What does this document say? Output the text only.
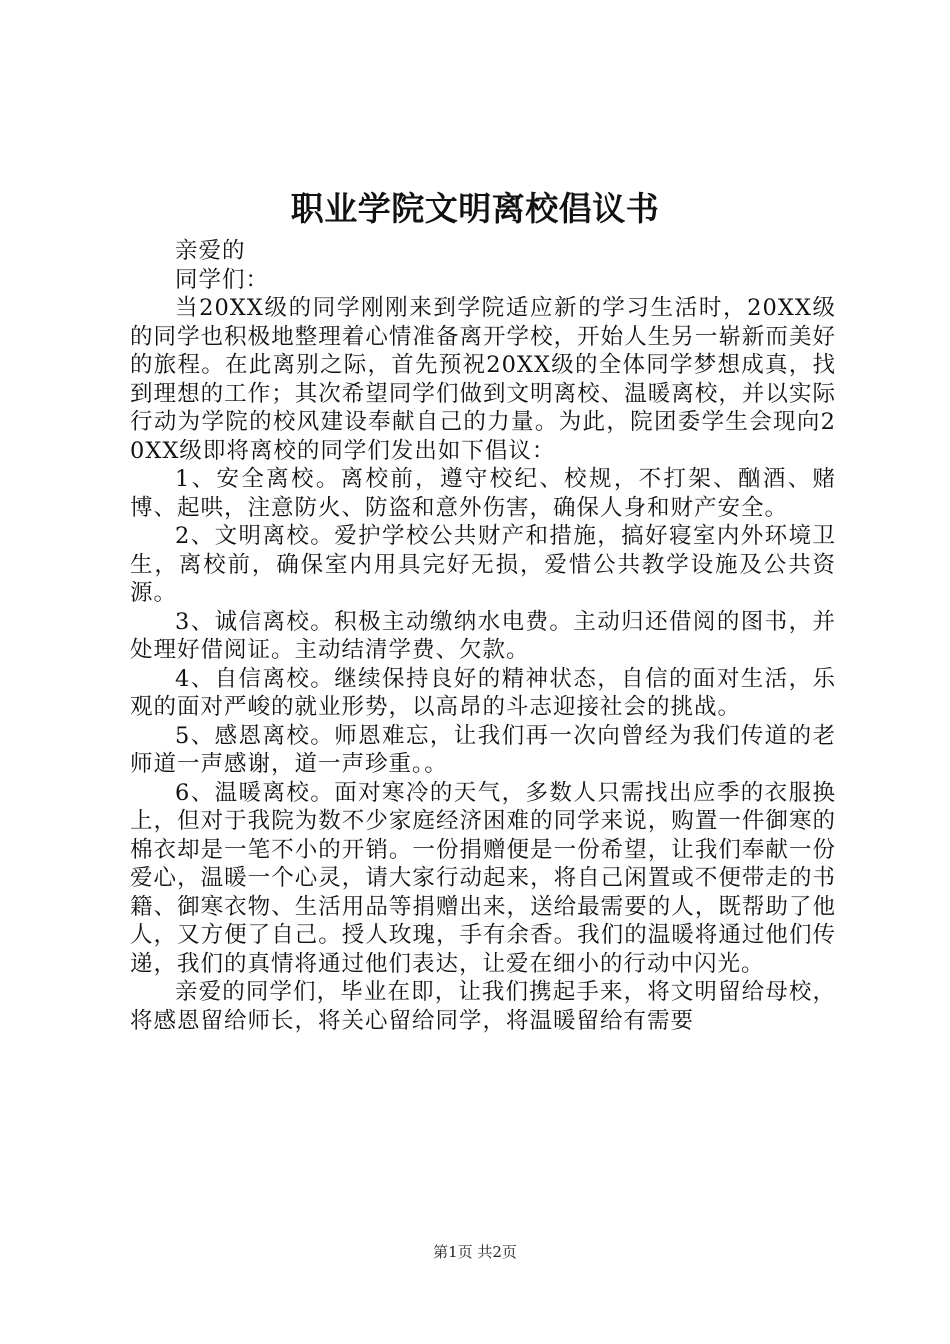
职业学院文明离校倡议书

亲爱的

同学们：

当20XX级的同学刚刚来到学院适应新的学习生活时，20XX级的同学也积极地整理着心情准备离开学校，开始人生另一崭新而美好的旅程。在此离别之际，首先预祝20XX级的全体同学梦想成真，找到理想的工作；其次希望同学们做到文明离校、温暖离校，并以实际行动为学院的校风建设奉献自己的力量。为此，院团委学生会现向20XX级即将离校的同学们发出如下倡议：

1、安全离校。离校前，遵守校纪、校规，不打架、酗酒、赌博、起哄，注意防火、防盗和意外伤害，确保人身和财产安全。

2、文明离校。爱护学校公共财产和措施，搞好寝室内外环境卫生，离校前，确保室内用具完好无损，爱惜公共教学设施及公共资源。

3、诚信离校。积极主动缴纳水电费。主动归还借阅的图书，并处理好借阅证。主动结清学费、欠款。

4、自信离校。继续保持良好的精神状态，自信的面对生活，乐观的面对严峻的就业形势，以高昂的斗志迎接社会的挑战。

5、感恩离校。师恩难忘，让我们再一次向曾经为我们传道的老师道一声感谢，道一声珍重。。

6、温暖离校。面对寒冷的天气，多数人只需找出应季的衣服换上，但对于我院为数不少家庭经济困难的同学来说，购置一件御寒的棉衣却是一笔不小的开销。一份捐赠便是一份希望，让我们奉献一份爱心，温暖一个心灵，请大家行动起来，将自己闲置或不便带走的书籍、御寒衣物、生活用品等捐赠出来，送给最需要的人，既帮助了他人，又方便了自己。授人玫瑰，手有余香。我们的温暖将通过他们传递，我们的真情将通过他们表达，让爱在细小的行动中闪光。

亲爱的同学们，毕业在即，让我们携起手来，将文明留给母校，将感恩留给师长，将关心留给同学，将温暖留给有需要

第1页 共2页
